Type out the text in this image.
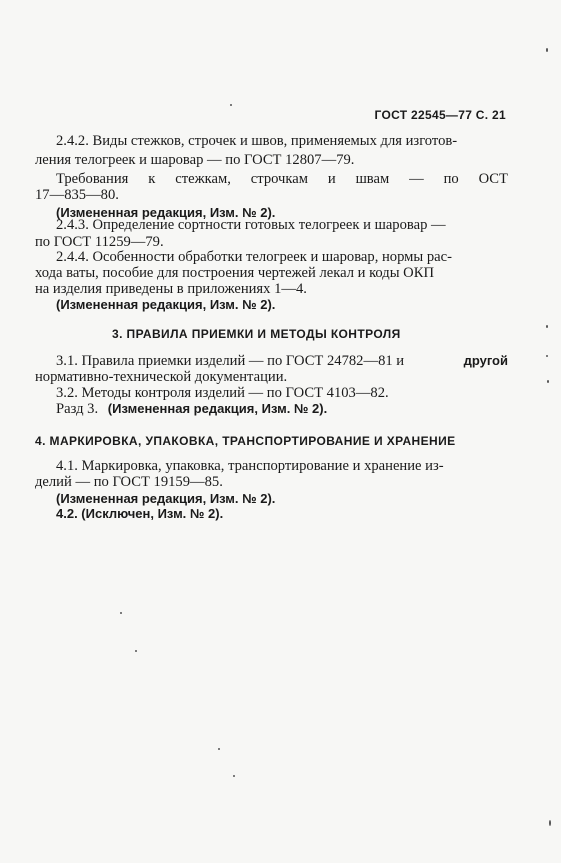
ГОСТ 22545—77 С. 21
2.4.2. Виды стежков, строчек и швов, применяемых для изготов-
ления телогреек и шаровар — по ГОСТ 12807—79.
Требования к стежкам, строчкам и швам — по ОСТ
17—835—80.
(Измененная редакция, Изм. № 2).
2.4.3. Определение сортности готовых телогреек и шаровар —
по ГОСТ 11259—79.
2.4.4. Особенности обработки телогреек и шаровар, нормы рас-
хода ваты, пособие для построения чертежей лекал и коды ОКП
на изделия приведены в приложениях 1—4.
(Измененная редакция, Изм. № 2).
3. ПРАВИЛА ПРИЕМКИ И МЕТОДЫ КОНТРОЛЯ
3.1. Правила приемки изделий — по ГОСТ 24782—81 и	другой
нормативно-технической документации.
3.2. Методы контроля изделий — по ГОСТ 4103—82.
Разд 3. (Измененная редакция, Изм. № 2).
4. МАРКИРОВКА, УПАКОВКА, ТРАНСПОРТИРОВАНИЕ И ХРАНЕНИЕ
4.1. Маркировка, упаковка, транспортирование и хранение из-
делий — по ГОСТ 19159—85.
(Измененная редакция, Изм. № 2).
4.2. (Исключен, Изм. № 2).
